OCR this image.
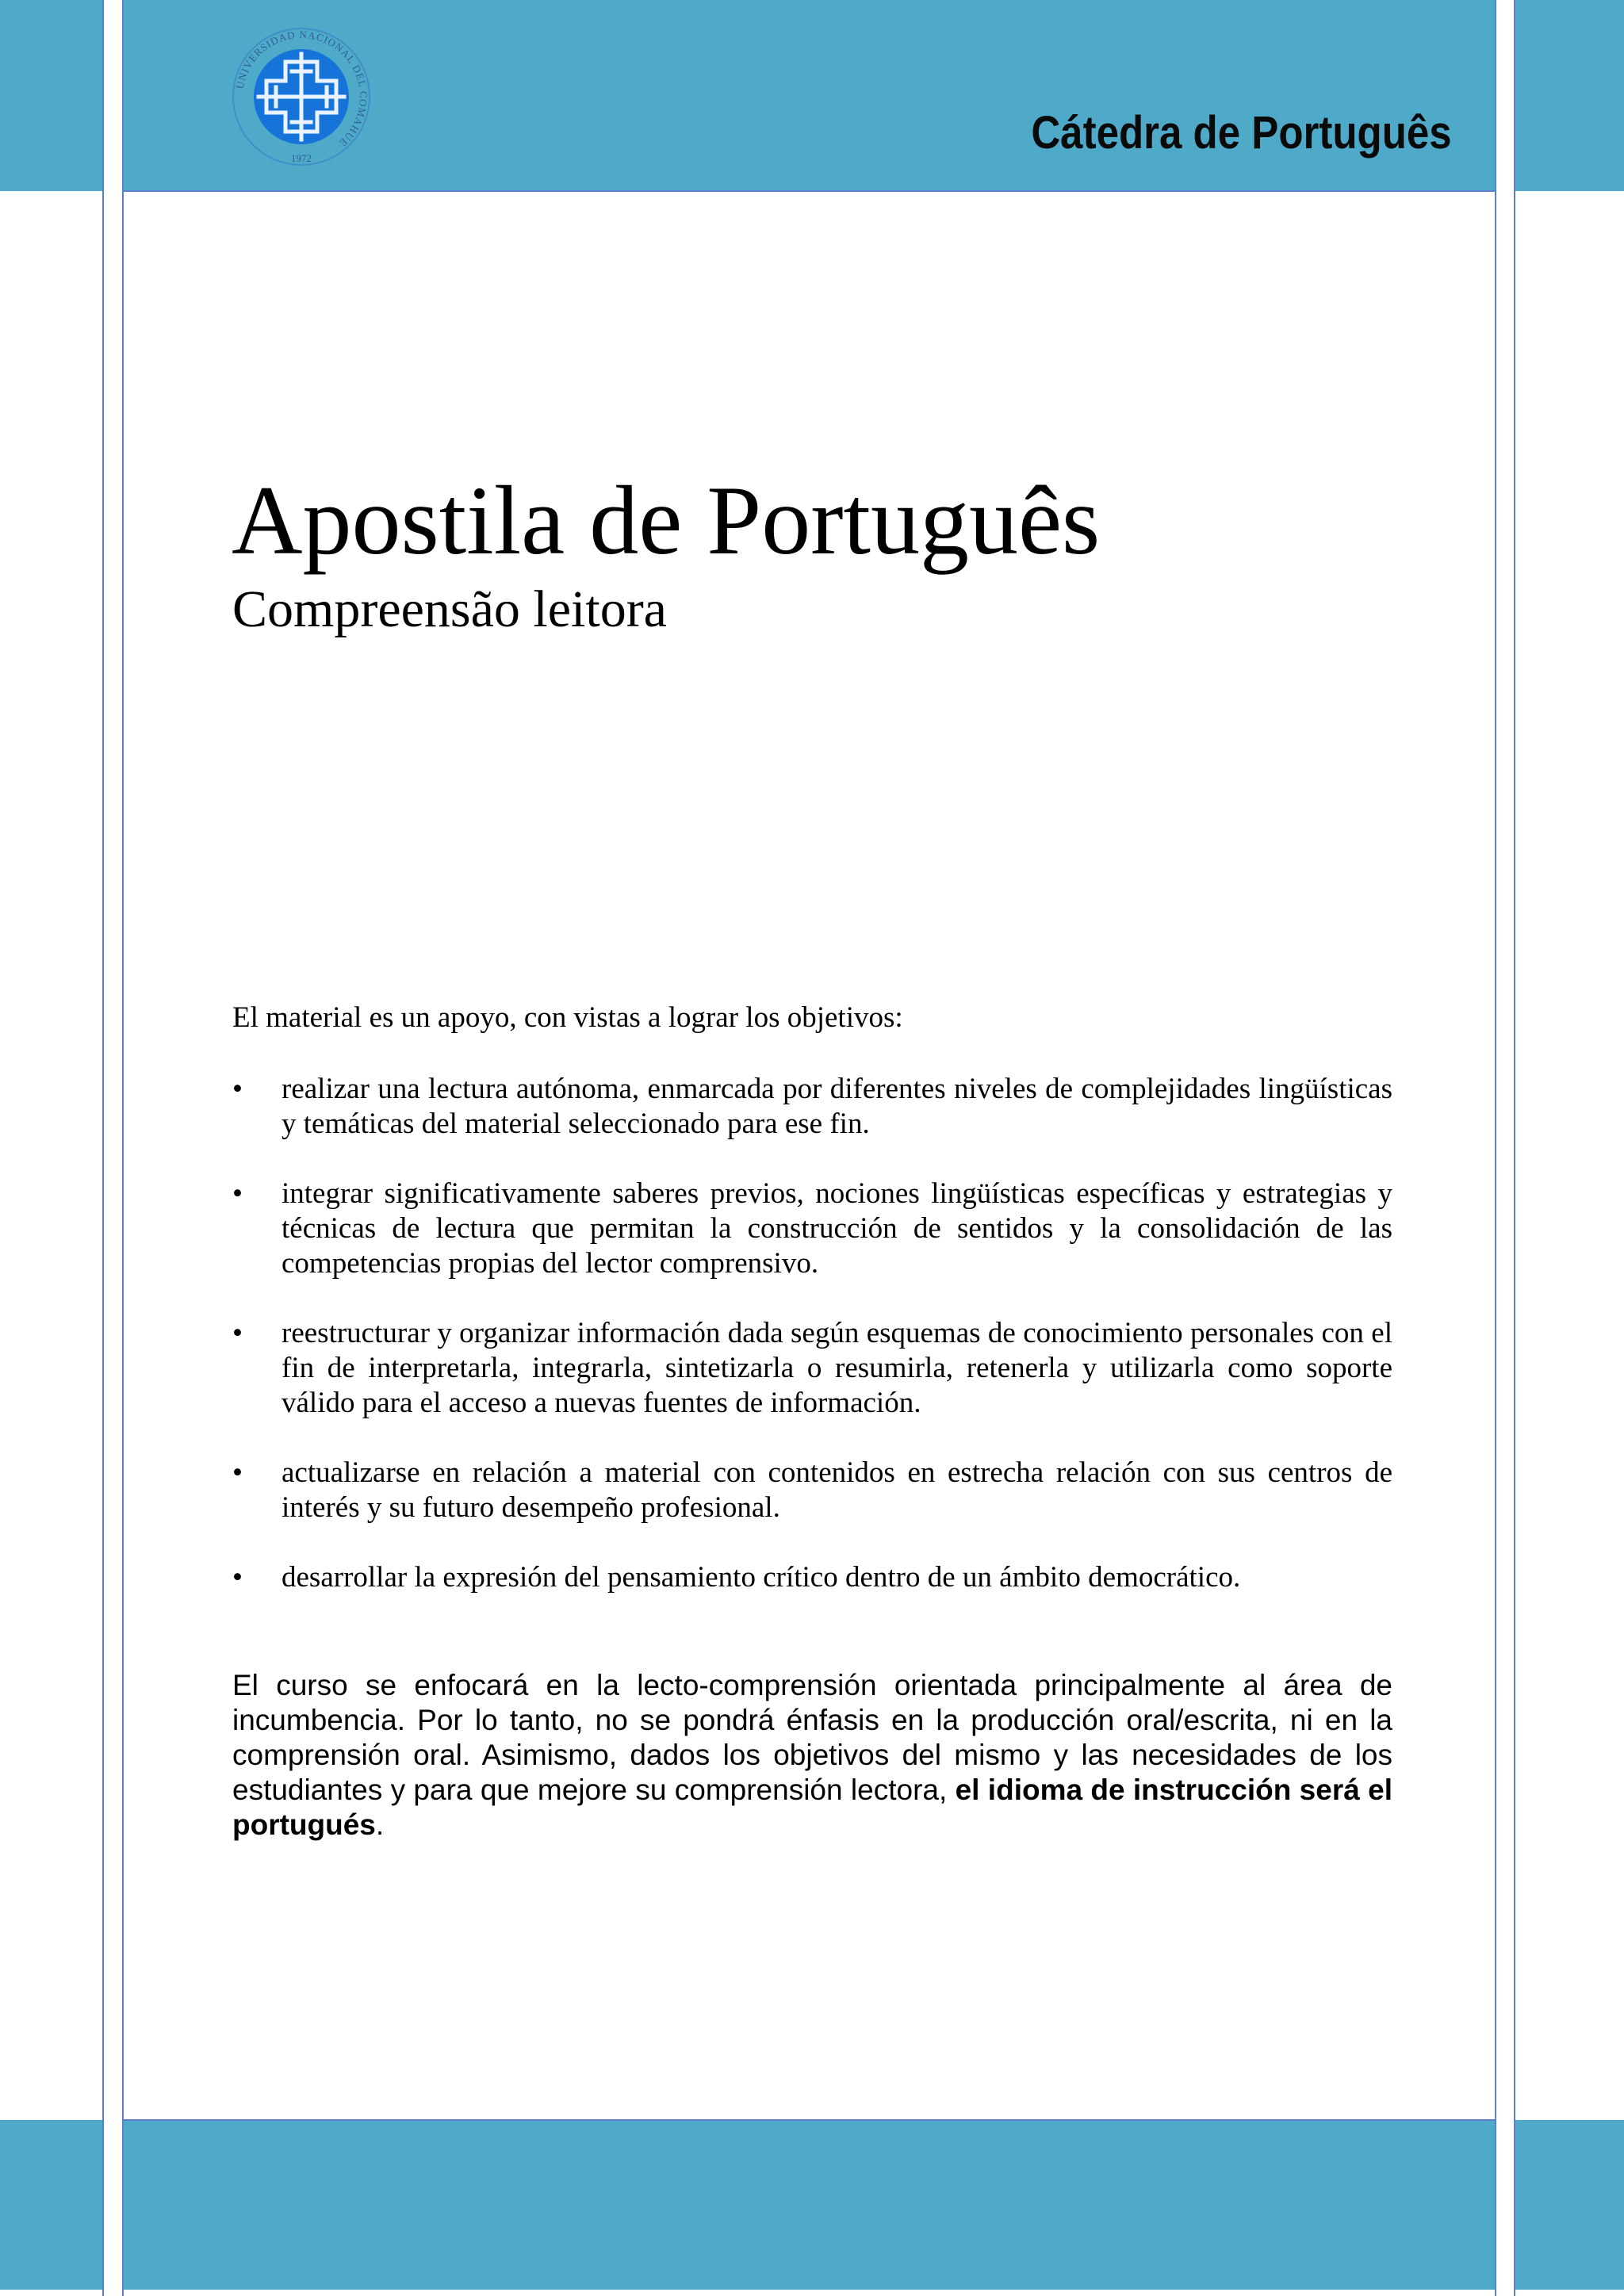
UNIVERSIDAD NACIONAL DEL COMAHUE
1972	Cátedra de Português
Apostila de Português
Compreensão leitora

El material es un apoyo, con vistas a lograr los objetivos:

• realizar una lectura autónoma, enmarcada por diferentes niveles de complejidades lingüísticas y temáticas del material seleccionado para ese fin.
• integrar significativamente saberes previos, nociones lingüísticas específicas y estrategias y técnicas de lectura que permitan la construcción de sentidos y la consolidación de las competencias propias del lector comprensivo.
• reestructurar y organizar información dada según esquemas de conocimiento personales con el fin de interpretarla, integrarla, sintetizarla o resumirla, retenerla y utilizarla como soporte válido para el acceso a nuevas fuentes de información.
• actualizarse en relación a material con contenidos en estrecha relación con sus centros de interés y su futuro desempeño profesional.
• desarrollar la expresión del pensamiento crítico dentro de un ámbito democrático.

El curso se enfocará en la lecto-comprensión orientada principalmente al área de incumbencia. Por lo tanto, no se pondrá énfasis en la producción oral/escrita, ni en la comprensión oral. Asimismo, dados los objetivos del mismo y las necesidades de los estudiantes y para que mejore su comprensión lectora, el idioma de instrucción será el portugués.
